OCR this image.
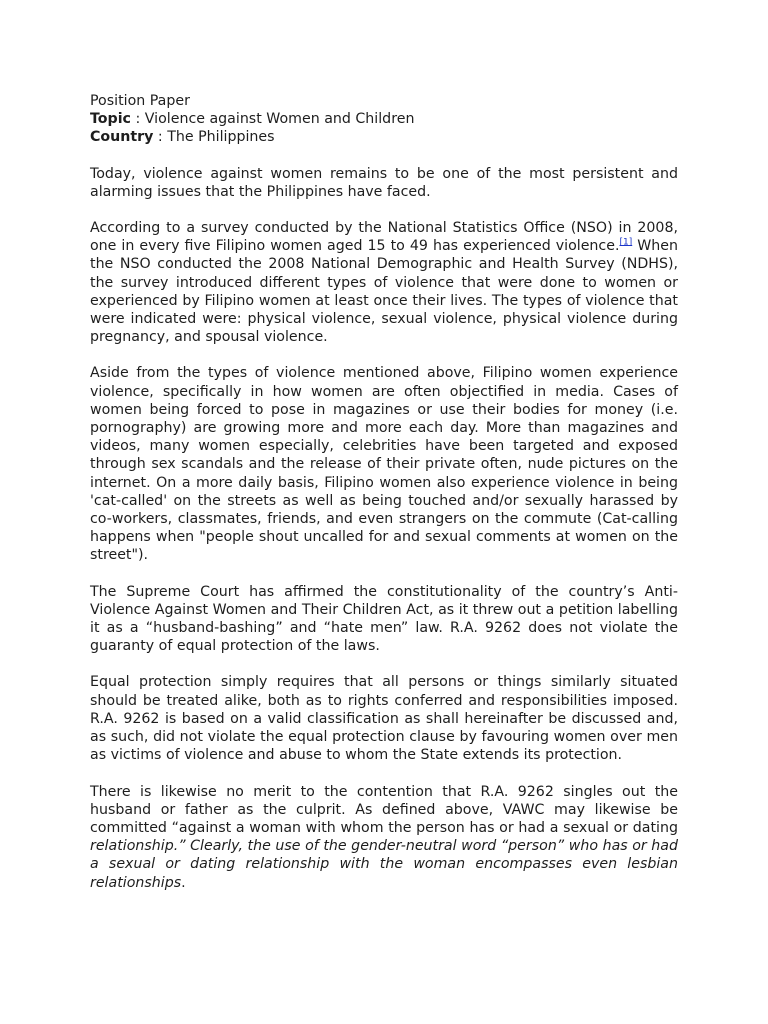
Position Paper
Topic : Violence against Women and Children
Country : The Philippines

Today, violence against women remains to be one of the most persistent and alarming issues that the Philippines have faced.

According to a survey conducted by the National Statistics Office (NSO) in 2008, one in every five Filipino women aged 15 to 49 has experienced violence.[1] When the NSO conducted the 2008 National Demographic and Health Survey (NDHS), the survey introduced different types of violence that were done to women or experienced by Filipino women at least once their lives. The types of violence that were indicated were: physical violence, sexual violence, physical violence during pregnancy, and spousal violence.

Aside from the types of violence mentioned above, Filipino women experience violence, specifically in how women are often objectified in media. Cases of women being forced to pose in magazines or use their bodies for money (i.e. pornography) are growing more and more each day. More than magazines and videos, many women especially, celebrities have been targeted and exposed through sex scandals and the release of their private often, nude pictures on the internet. On a more daily basis, Filipino women also experience violence in being 'cat-called' on the streets as well as being touched and/or sexually harassed by co-workers, classmates, friends, and even strangers on the commute (Cat-calling happens when "people shout uncalled for and sexual comments at women on the street").

The Supreme Court has affirmed the constitutionality of the country’s Anti-Violence Against Women and Their Children Act, as it threw out a petition labelling it as a “husband-bashing” and “hate men” law. R.A. 9262 does not violate the guaranty of equal protection of the laws.

Equal protection simply requires that all persons or things similarly situated should be treated alike, both as to rights conferred and responsibilities imposed. R.A. 9262 is based on a valid classification as shall hereinafter be discussed and, as such, did not violate the equal protection clause by favouring women over men as victims of violence and abuse to whom the State extends its protection.

There is likewise no merit to the contention that R.A. 9262 singles out the husband or father as the culprit. As defined above, VAWC may likewise be committed “against a woman with whom the person has or had a sexual or dating relationship.” Clearly, the use of the gender-neutral word “person” who has or had a sexual or dating relationship with the woman encompasses even lesbian relationships.
